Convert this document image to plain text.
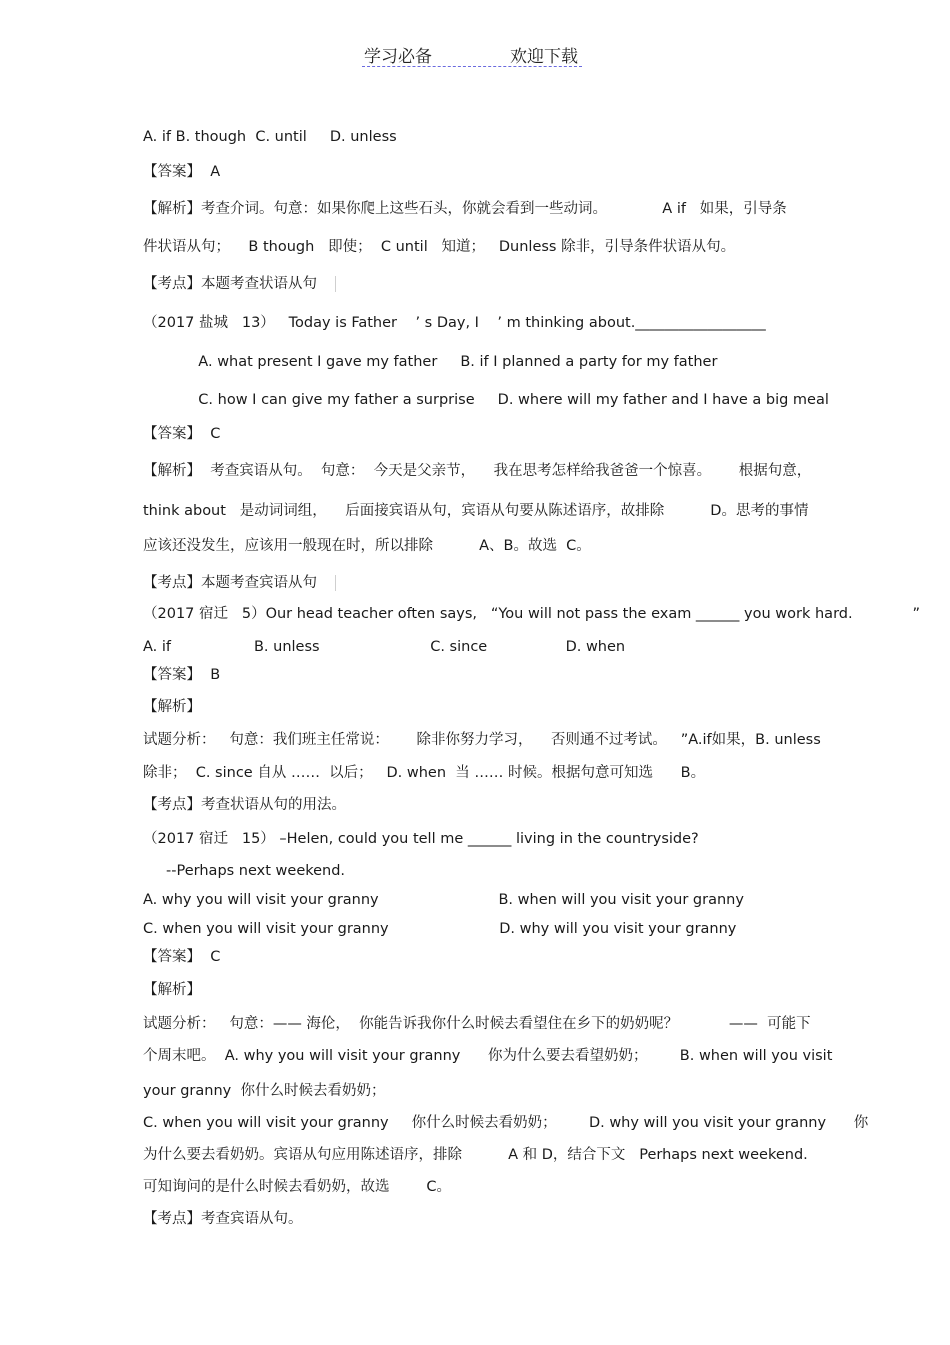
学习必备	欢迎下载
A. if B. though  C. until     D. unless
【答案】  A
【解析】考查介词。句意：如果你爬上这些石头，你就会看到一些动词。            A if   如果，引导条
件状语从句；    B though   即使；  C until   知道；   Dunless 除非，引导条件状语从句。
【考点】本题考查状语从句
（2017 盐城   13）   Today is Father    ’ s Day, I    ’ m thinking about.__________________
A. what present I gave my father     B. if I planned a party for my father
C. how I can give my father a surprise     D. where will my father and I have a big meal
【答案】  C
【解析】  考查宾语从句。  句意：  今天是父亲节，    我在思考怎样给我爸爸一个惊喜。      根据句意，
think about   是动词词组，    后面接宾语从句，宾语从句要从陈述语序，故排除          D。思考的事情
应该还没发生，应该用一般现在时，所以排除          A、B。故选  C。
【考点】本题考查宾语从句
（2017 宿迁   5）Our head teacher often says,   “You will not pass the exam ______ you work hard.             ”
A. if                  B. unless                        C. since                 D. when
【答案】  B
【解析】
试题分析：   句意：我们班主任常说：      除非你努力学习，    否则通不过考试。   ”A.if如果，B. unless
除非；  C. since 自从 ……  以后；   D. when  当 …… 时候。根据句意可知选      B。
【考点】考查状语从句的用法。
（2017 宿迁   15） –Helen, could you tell me ______ living in the countryside?
--Perhaps next weekend.
A. why you will visit your granny                          B. when will you visit your granny
C. when you will visit your granny                        D. why will you visit your granny
【答案】  C
【解析】
试题分析：   句意：—— 海伦，  你能告诉我你什么时候去看望住在乡下的奶奶呢？           ——  可能下
个周末吧。  A. why you will visit your granny      你为什么要去看望奶奶；       B. when will you visit
your granny  你什么时候去看奶奶；
C. when you will visit your granny     你什么时候去看奶奶；       D. why will you visit your granny      你
为什么要去看奶奶。宾语从句应用陈述语序，排除          A 和 D，结合下文   Perhaps next weekend.
可知询问的是什么时候去看奶奶，故选        C。
【考点】考查宾语从句。
